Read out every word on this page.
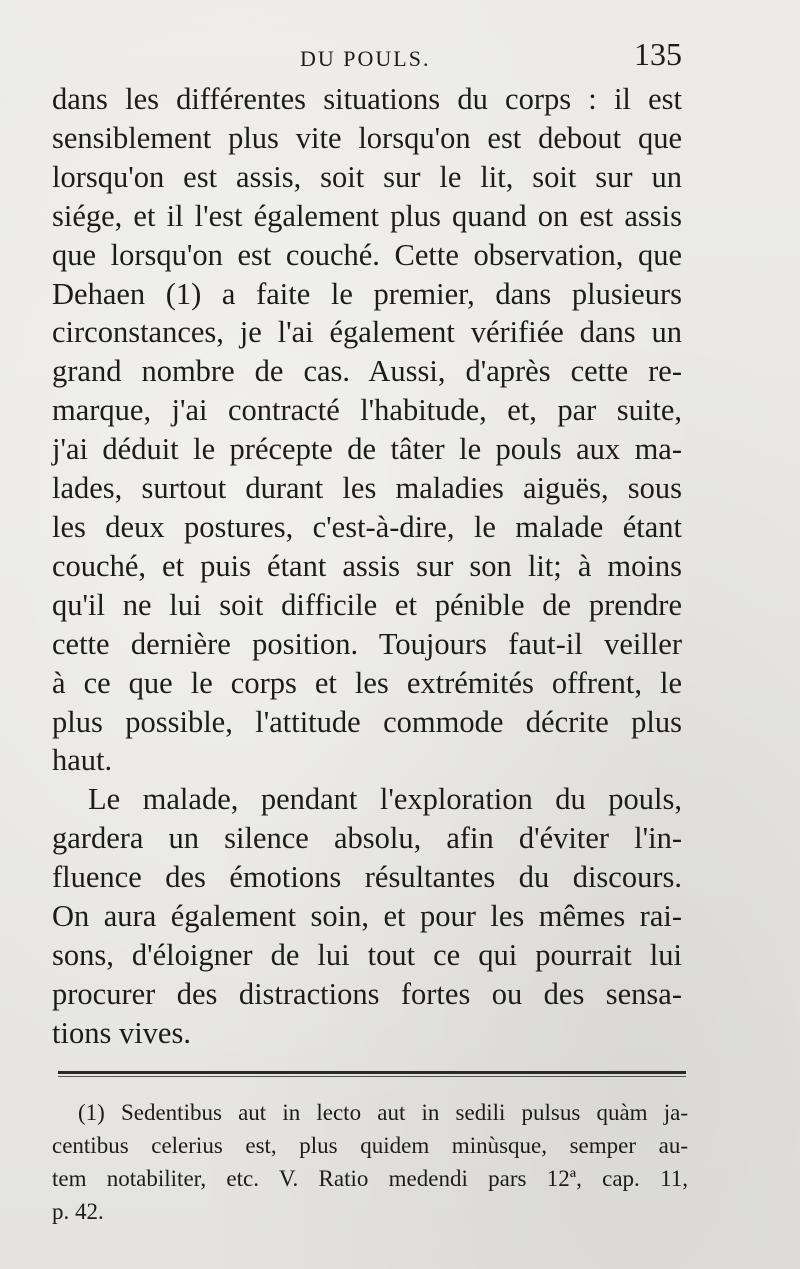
DU POULS.	135
dans les différentes situations du corps : il est
sensiblement plus vite lorsqu'on est debout que
lorsqu'on est assis, soit sur le lit, soit sur un
siége, et il l'est également plus quand on est assis
que lorsqu'on est couché. Cette observation, que
Dehaen (1) a faite le premier, dans plusieurs
circonstances, je l'ai également vérifiée dans un
grand nombre de cas. Aussi, d'après cette re-
marque, j'ai contracté l'habitude, et, par suite,
j'ai déduit le précepte de tâter le pouls aux ma-
lades, surtout durant les maladies aiguës, sous
les deux postures, c'est-à-dire, le malade étant
couché, et puis étant assis sur son lit; à moins
qu'il ne lui soit difficile et pénible de prendre
cette dernière position. Toujours faut-il veiller
à ce que le corps et les extrémités offrent, le
plus possible, l'attitude commode décrite plus
haut.
Le malade, pendant l'exploration du pouls,
gardera un silence absolu, afin d'éviter l'in-
fluence des émotions résultantes du discours.
On aura également soin, et pour les mêmes rai-
sons, d'éloigner de lui tout ce qui pourrait lui
procurer des distractions fortes ou des sensa-
tions vives.
(1) Sedentibus aut in lecto aut in sedili pulsus quàm ja-
centibus celerius est, plus quidem minùsque, semper au-
tem notabiliter, etc. V. Ratio medendi pars 12ª, cap. 11,
p. 42.
